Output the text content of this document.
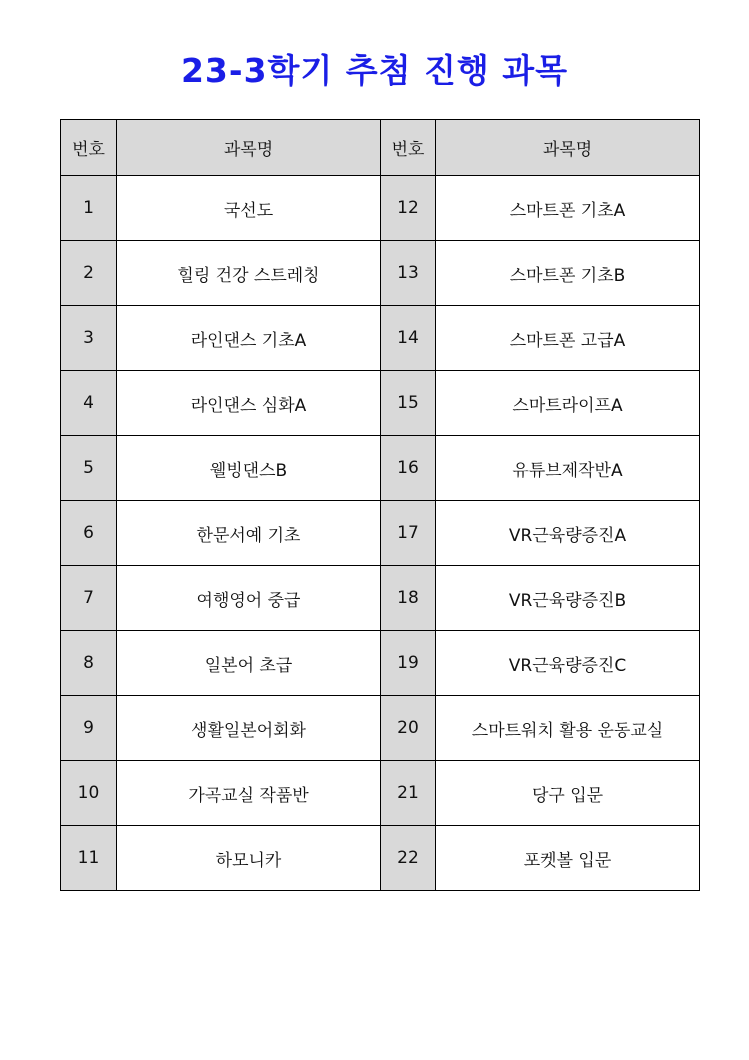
23-3학기 추첨 진행 과목
번호	과목명	번호	과목명
1	국선도	12	스마트폰 기초A
2	힐링 건강 스트레칭	13	스마트폰 기초B
3	라인댄스 기초A	14	스마트폰 고급A
4	라인댄스 심화A	15	스마트라이프A
5	웰빙댄스B	16	유튜브제작반A
6	한문서예 기초	17	VR근육량증진A
7	여행영어 중급	18	VR근육량증진B
8	일본어 초급	19	VR근육량증진C
9	생활일본어회화	20	스마트워치 활용 운동교실
10	가곡교실 작품반	21	당구 입문
11	하모니카	22	포켓볼 입문
